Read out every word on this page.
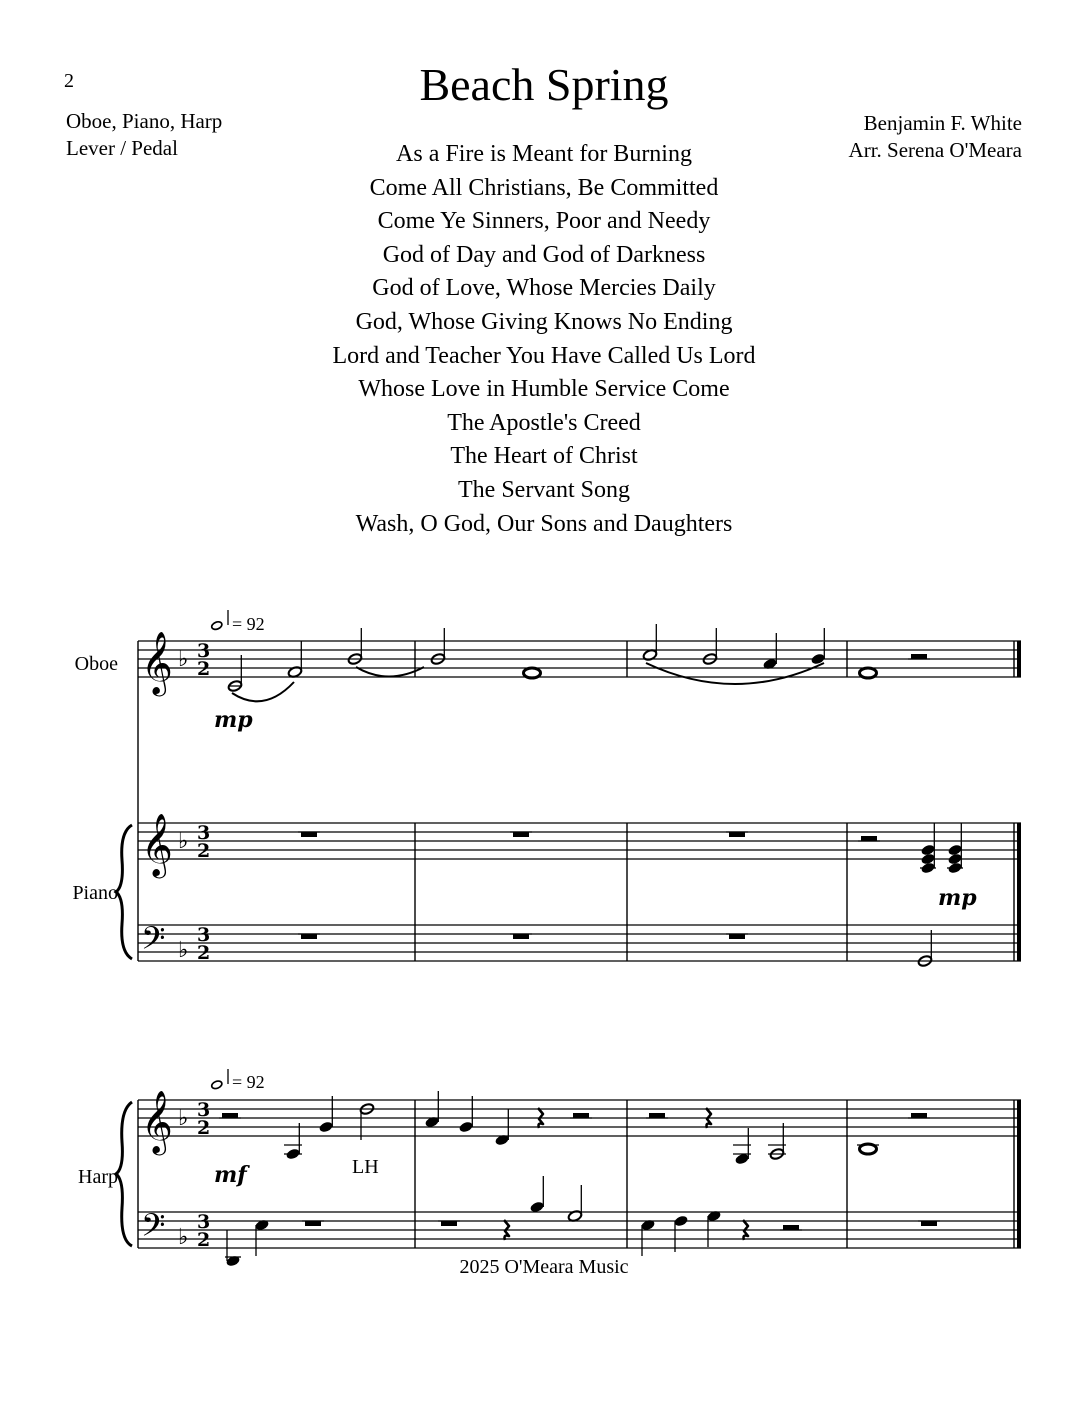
2	Beach Spring
Oboe, Piano, Harp
Lever / Pedal
Benjamin F. White
Arr. Serena O'Meara
As a Fire is Meant for Burning
Come All Christians, Be Committed
Come Ye Sinners, Poor and Needy
God of Day and God of Darkness
God of Love, Whose Mercies Daily
God, Whose Giving Knows No Ending
Lord and Teacher You Have Called Us Lord
Whose Love in Humble Service Come
The Apostle's Creed
The Heart of Christ
The Servant Song
Wash, O God, Our Sons and Daughters
Oboe 𝄞 ♭ 3
2
= 92
mp
Piano
𝄞
𝄢
♭
♭
3
2
3
2
mp
Harp
𝄞
𝄢
♭
♭
3
2
3
2
= 92
mf	LH
2025 O'Meara Music
